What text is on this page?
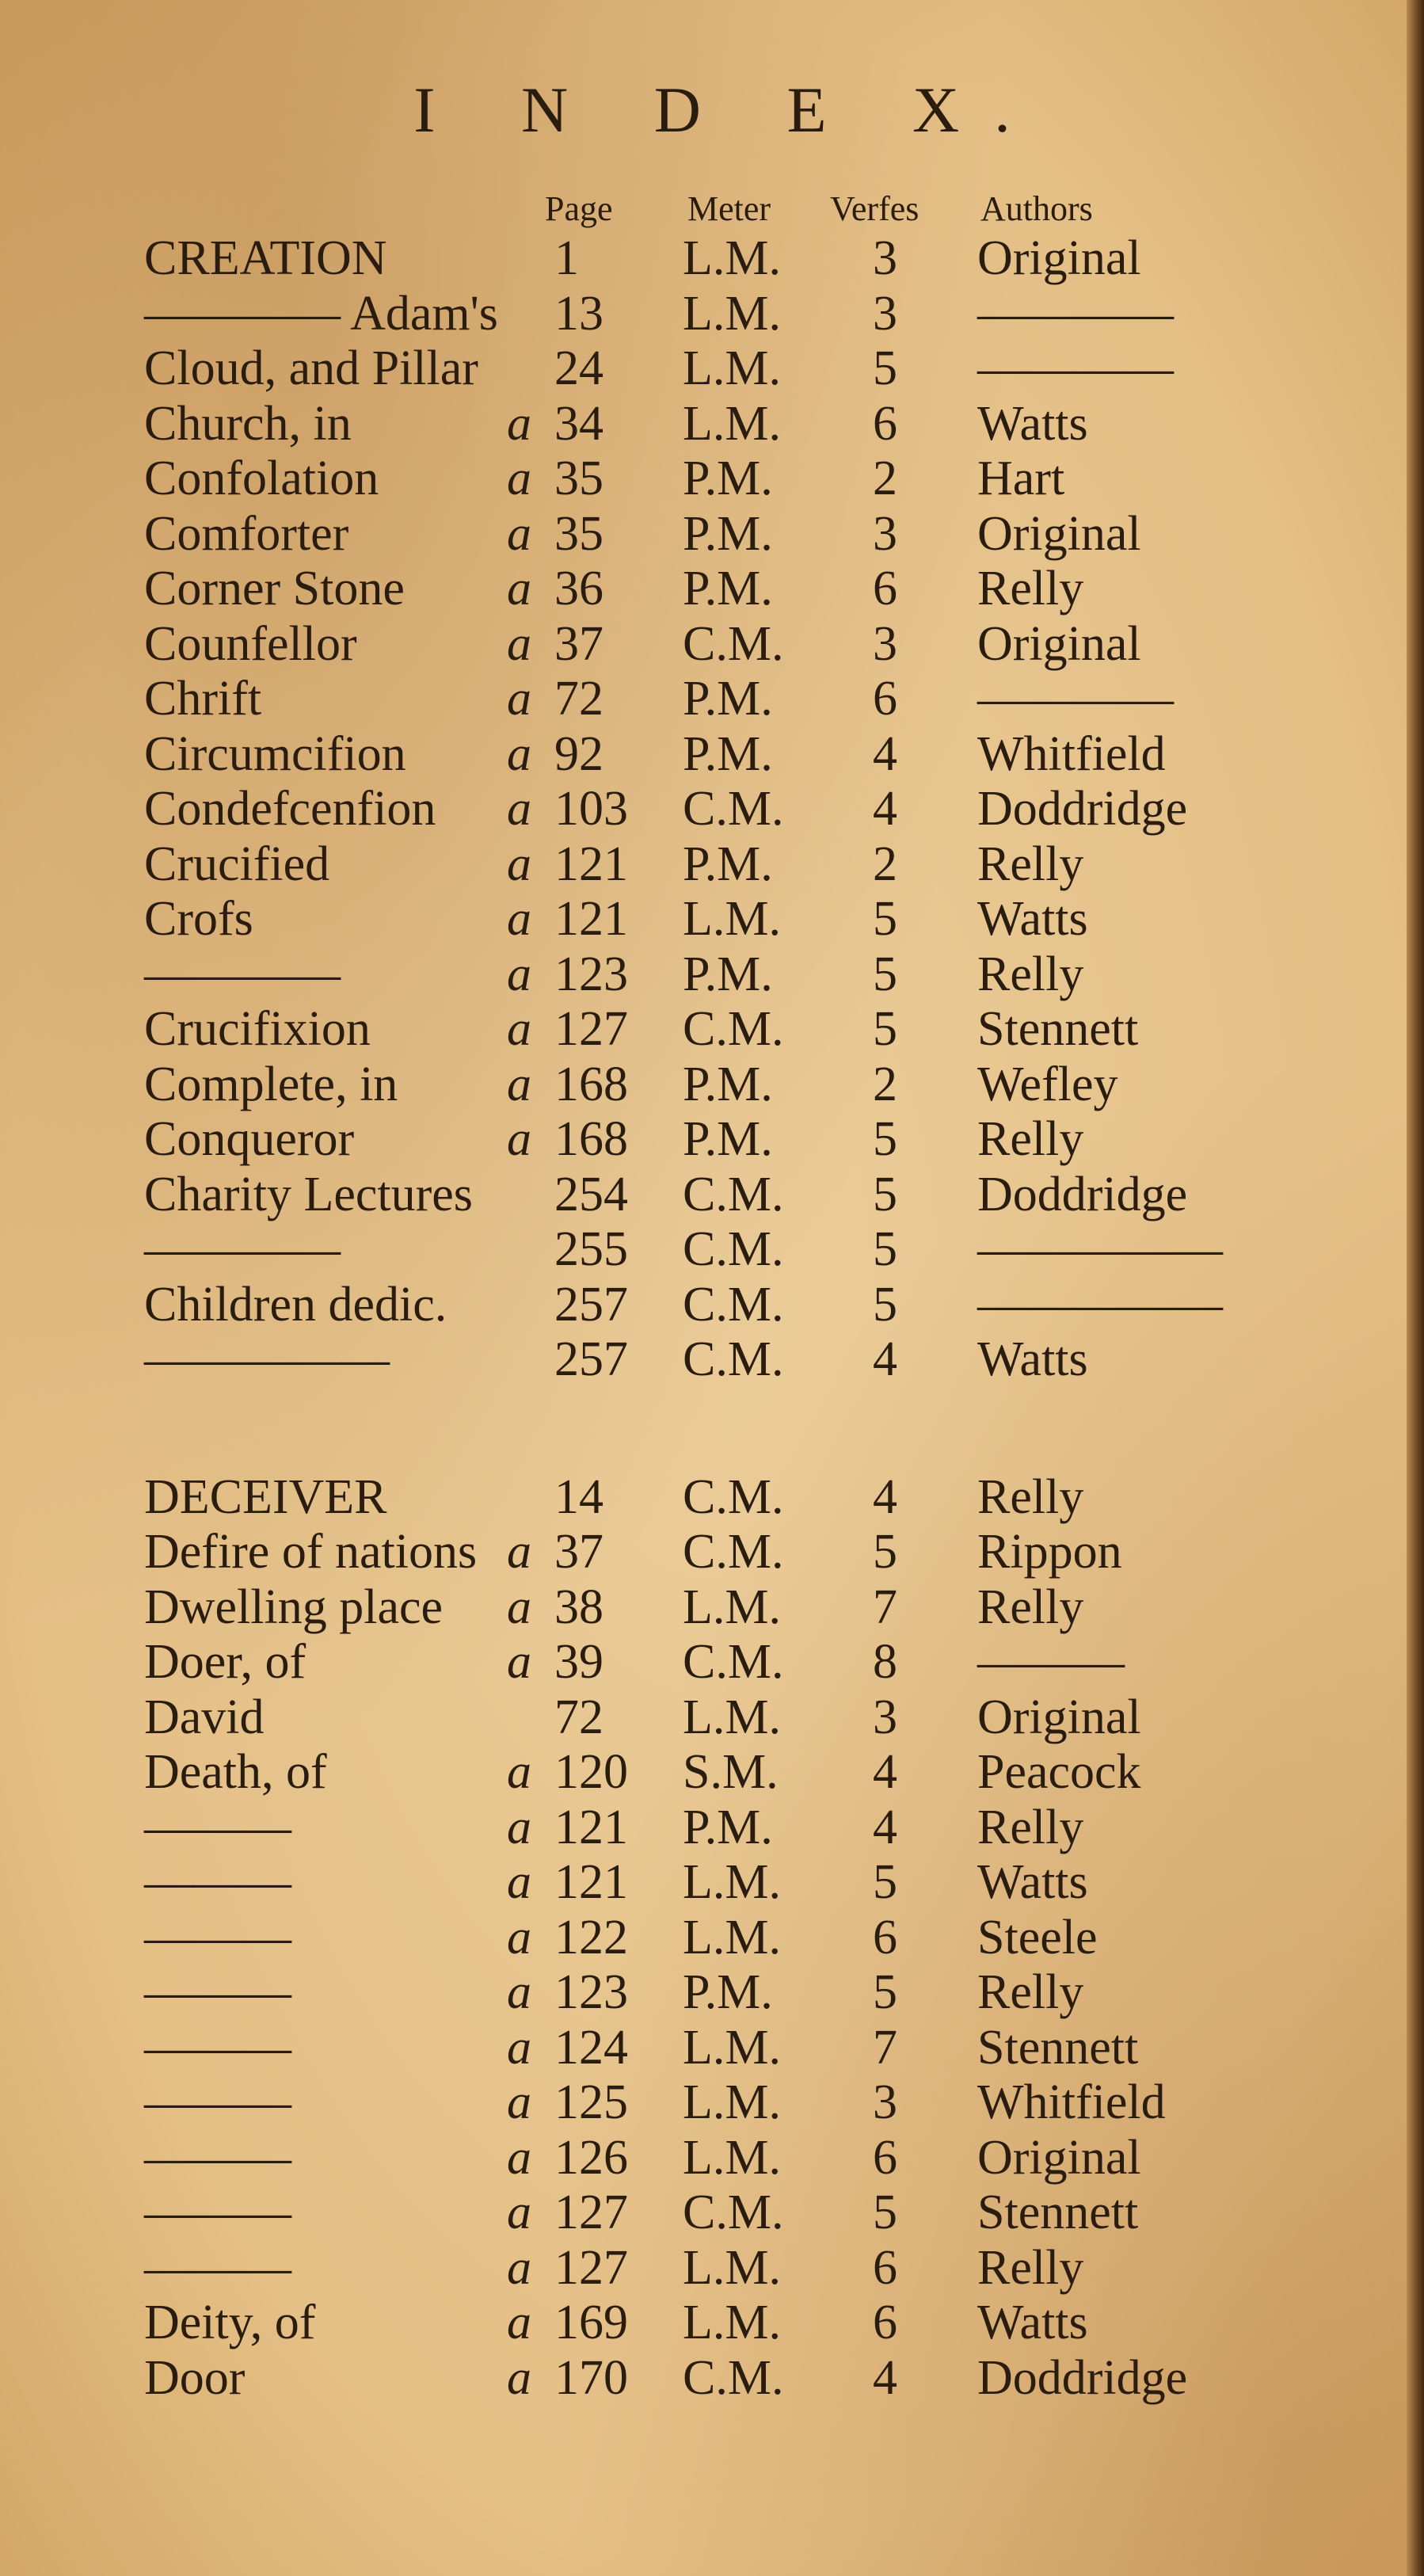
I N D E X.
Page Meter Verfes Authors
CREATION	1 L.M. 3 Original
———— Adam's 13 L.M. 3 ————
Cloud, and Pillar 24 L.M. 5 ————
Church, in	a 34 L.M. 6 Watts
Confolation	a 35 P.M. 2 Hart
Comforter	a 35 P.M. 3 Original
Corner Stone a 36 P.M. 6 Relly
Counfellor	a 37 C.M. 3 Original
Chrift	a 72 P.M. 6 ————
Circumcifion a 92 P.M. 4 Whitfield
Condefcenfion a 103 C.M. 4 Doddridge
Crucified	a 121 P.M. 2 Relly
Crofs	a 121 L.M. 5 Watts
————	a 123 P.M. 5 Relly
Crucifixion	a 127 C.M. 5 Stennett
Complete, in a 168 P.M. 2 Wefley
Conqueror	a 168 P.M. 5 Relly
Charity Lectures 254 C.M. 5 Doddridge
————	255 C.M. 5 —————
Children dedic. 257 C.M. 5 —————
—————	257 C.M. 4 Watts
DECEIVER	14 C.M. 4 Relly
Defire of nations a 37 C.M. 5 Rippon
Dwelling place a 38 L.M. 7 Relly
Doer, of	a 39 C.M. 8 ———
David	72 L.M. 3 Original
Death, of	a 120 S.M. 4 Peacock
———	a 121 P.M. 4 Relly
———	a 121 L.M. 5 Watts
———	a 122 L.M. 6 Steele
———	a 123 P.M. 5 Relly
———	a 124 L.M. 7 Stennett
———	a 125 L.M. 3 Whitfield
———	a 126 L.M. 6 Original
———	a 127 C.M. 5 Stennett
———	a 127 L.M. 6 Relly
Deity, of	a 169 L.M. 6 Watts
Door	a 170 C.M. 4 Doddridge
